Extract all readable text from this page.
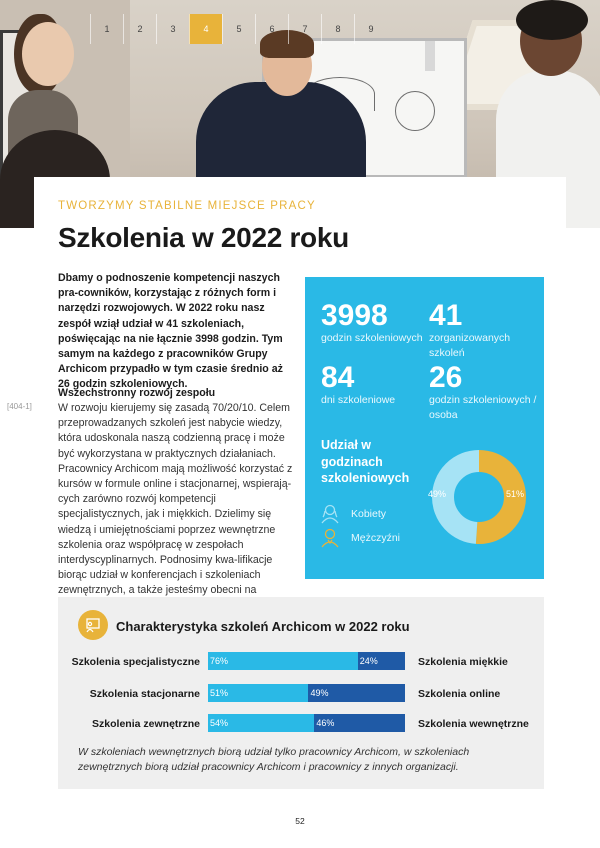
1	2	3	4	5	6	7	8	9
TWORZYMY STABILNE MIEJSCE PRACY
Szkolenia w 2022 roku
Dbamy o podnoszenie kompetencji naszych pra-cowników, korzystając z różnych form i narzędzi rozwojowych. W 2022 roku nasz zespół wziął udział w 41 szkoleniach, poświęcając na nie łącznie 3998 godzin. Tym samym na każdego z pracowników Grupy Archicom przypadło w tym czasie średnio aż 26 godzin szkoleniowych.
[404-1]
Wszechstronny rozwój zespołu
W rozwoju kierujemy się zasadą 70/20/10. Celem przeprowadzanych szkoleń jest nabycie wiedzy, która udoskonala naszą codzienną pracę i może być wykorzystana w praktycznych działaniach. Pracownicy Archicom mają możliwość korzystać z kursów w formule online i stacjonarnej, wspierają-cych zarówno rozwój kompetencji specjalistycznych, jak i miękkich. Dzielimy się wiedzą i umiejętnościami poprzez wewnętrzne szkolenia oraz współpracę w zespołach interdyscyplinarnych. Podnosimy kwa-lifikacje biorąc udział w konferencjach i szkoleniach zewnętrznych, a także jesteśmy obecni na
3998
godzin szkoleniowych
41
zorganizowanych szkoleń
84
dni szkoleniowe
26
godzin szkoleniowych / osoba
Udział w godzinach szkoleniowych
Kobiety
Mężczyźni
49%	51%
Charakterystyka szkoleń Archicom w 2022 roku
Szkolenia specjalistyczne 76%	24%	Szkolenia miękkie
Szkolenia stacjonarne 51%	49%	Szkolenia online
Szkolenia zewnętrzne 54%	46%	Szkolenia wewnętrzne
W szkoleniach wewnętrznych biorą udział tylko pracownicy Archicom, w szkoleniach zewnętrznych biorą udział pracownicy Archicom i pracownicy z innych organizacji.
52
